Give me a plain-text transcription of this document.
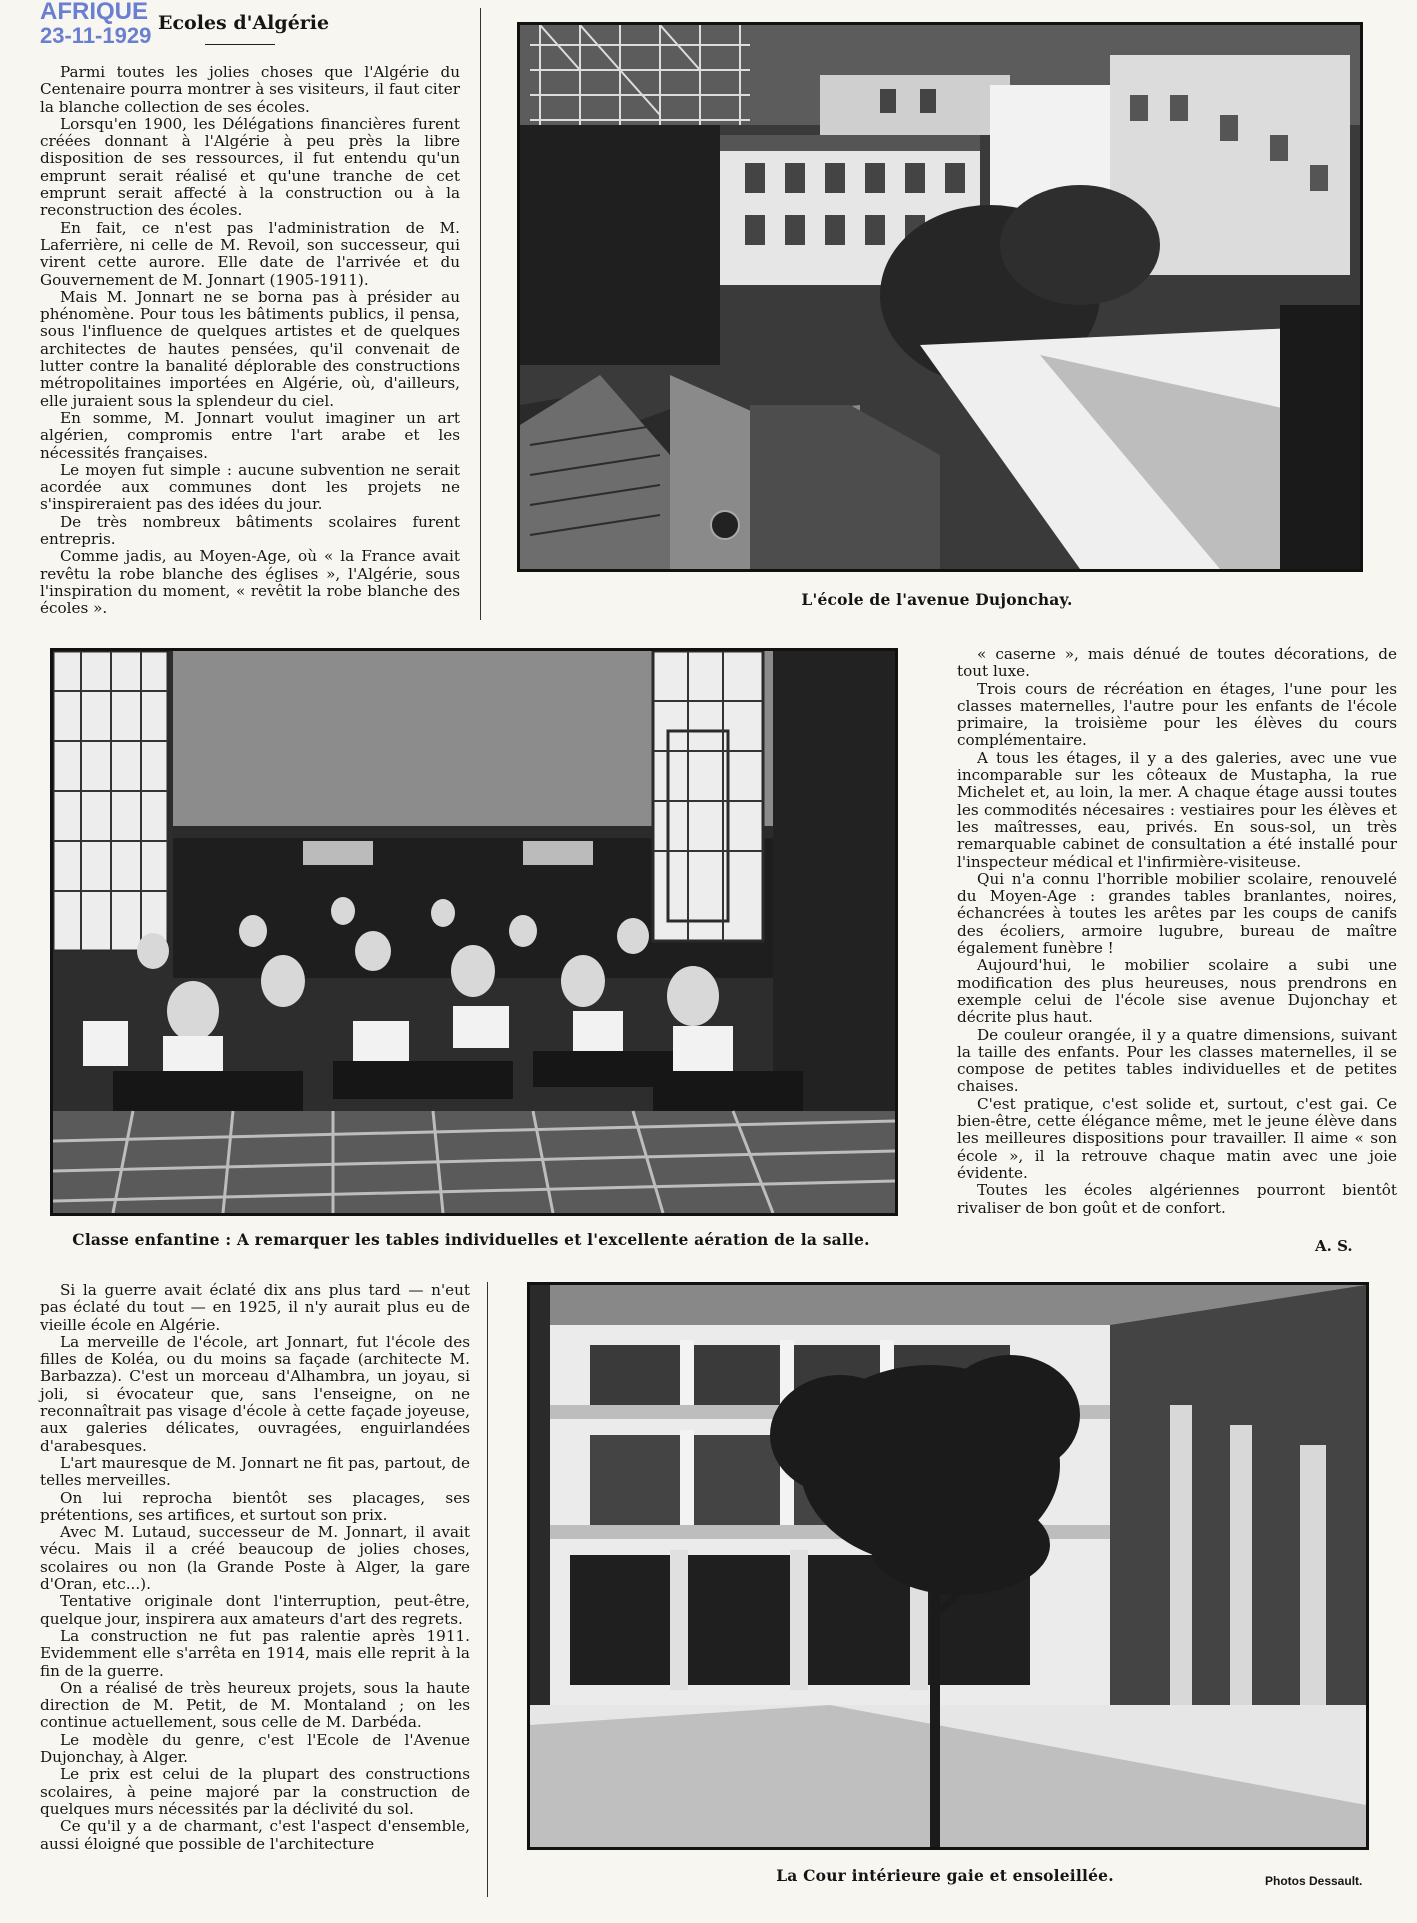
AFRIQUE
23-11-1929 Ecoles d'Algérie

Parmi toutes les jolies choses que l'Algérie du Centenaire pourra montrer à ses visiteurs, il faut citer la blanche collection de ses écoles.

Lorsqu'en 1900, les Délégations financières furent créées donnant à l'Algérie à peu près la libre disposition de ses ressources, il fut entendu qu'un emprunt serait réalisé et qu'une tranche de cet emprunt serait affecté à la construction ou à la reconstruction des écoles.

En fait, ce n'est pas l'administration de M. Laferrière, ni celle de M. Revoil, son successeur, qui virent cette aurore. Elle date de l'arrivée et du Gouvernement de M. Jonnart (1905-1911).

Mais M. Jonnart ne se borna pas à présider au phénomène. Pour tous les bâtiments publics, il pensa, sous l'influence de quelques artistes et de quelques architectes de hautes pensées, qu'il convenait de lutter contre la banalité déplorable des constructions métropolitaines importées en Algérie, où, d'ailleurs, elle juraient sous la splendeur du ciel.

En somme, M. Jonnart voulut imaginer un art algérien, compromis entre l'art arabe et les nécessités françaises.

Le moyen fut simple : aucune subvention ne serait acordée aux communes dont les projets ne s'inspireraient pas des idées du jour.

De très nombreux bâtiments scolaires furent entrepris.

Comme jadis, au Moyen-Age, où « la France avait revêtu la robe blanche des églises », l'Algérie, sous l'inspiration du moment, « revêtit la robe blanche des écoles ».	L'école de l'avenue Dujonchay.
Classe enfantine : A remarquer les tables individuelles et l'excellente aération de la salle.

« caserne », mais dénué de toutes décorations, de tout luxe.

Trois cours de récréation en étages, l'une pour les classes maternelles, l'autre pour les enfants de l'école primaire, la troisième pour les élèves du cours complémentaire.

A tous les étages, il y a des galeries, avec une vue incomparable sur les côteaux de Mustapha, la rue Michelet et, au loin, la mer. A chaque étage aussi toutes les commodités nécesaires : vestiaires pour les élèves et les maîtresses, eau, privés. En sous-sol, un très remarquable cabinet de consultation a été installé pour l'inspecteur médical et l'infirmière-visiteuse.

Qui n'a connu l'horrible mobilier scolaire, renouvelé du Moyen-Age : grandes tables branlantes, noires, échancrées à toutes les arêtes par les coups de canifs des écoliers, armoire lugubre, bureau de maître également funèbre !

Aujourd'hui, le mobilier scolaire a subi une modification des plus heureuses, nous prendrons en exemple celui de l'école sise avenue Dujonchay et décrite plus haut.

De couleur orangée, il y a quatre dimensions, suivant la taille des enfants. Pour les classes maternelles, il se compose de petites tables individuelles et de petites chaises.

C'est pratique, c'est solide et, surtout, c'est gai. Ce bien-être, cette élégance même, met le jeune élève dans les meilleures dispositions pour travailler. Il aime « son école », il la retrouve chaque matin avec une joie évidente.

Toutes les écoles algériennes pourront bientôt rivaliser de bon goût et de confort.

A. S.

Si la guerre avait éclaté dix ans plus tard — n'eut pas éclaté du tout — en 1925, il n'y aurait plus eu de vieille école en Algérie.

La merveille de l'école, art Jonnart, fut l'école des filles de Koléa, ou du moins sa façade (architecte M. Barbazza). C'est un morceau d'Alhambra, un joyau, si joli, si évocateur que, sans l'enseigne, on ne reconnaîtrait pas visage d'école à cette façade joyeuse, aux galeries délicates, ouvragées, enguirlandées d'arabesques.

L'art mauresque de M. Jonnart ne fit pas, partout, de telles merveilles.

On lui reprocha bientôt ses placages, ses prétentions, ses artifices, et surtout son prix.

Avec M. Lutaud, successeur de M. Jonnart, il avait vécu. Mais il a créé beaucoup de jolies choses, scolaires ou non (la Grande Poste à Alger, la gare d'Oran, etc...).

Tentative originale dont l'interruption, peut-être, quelque jour, inspirera aux amateurs d'art des regrets.

La construction ne fut pas ralentie après 1911. Evidemment elle s'arrêta en 1914, mais elle reprit à la fin de la guerre.

On a réalisé de très heureux projets, sous la haute direction de M. Petit, de M. Montaland ; on les continue actuellement, sous celle de M. Darbéda.

Le modèle du genre, c'est l'Ecole de l'Avenue Dujonchay, à Alger.

Le prix est celui de la plupart des constructions scolaires, à peine majoré par la construction de quelques murs nécessités par la déclivité du sol.

Ce qu'il y a de charmant, c'est l'aspect d'ensemble, aussi éloigné que possible de l'architecture

La Cour intérieure gaie et ensoleillée.	Photos Dessault.
